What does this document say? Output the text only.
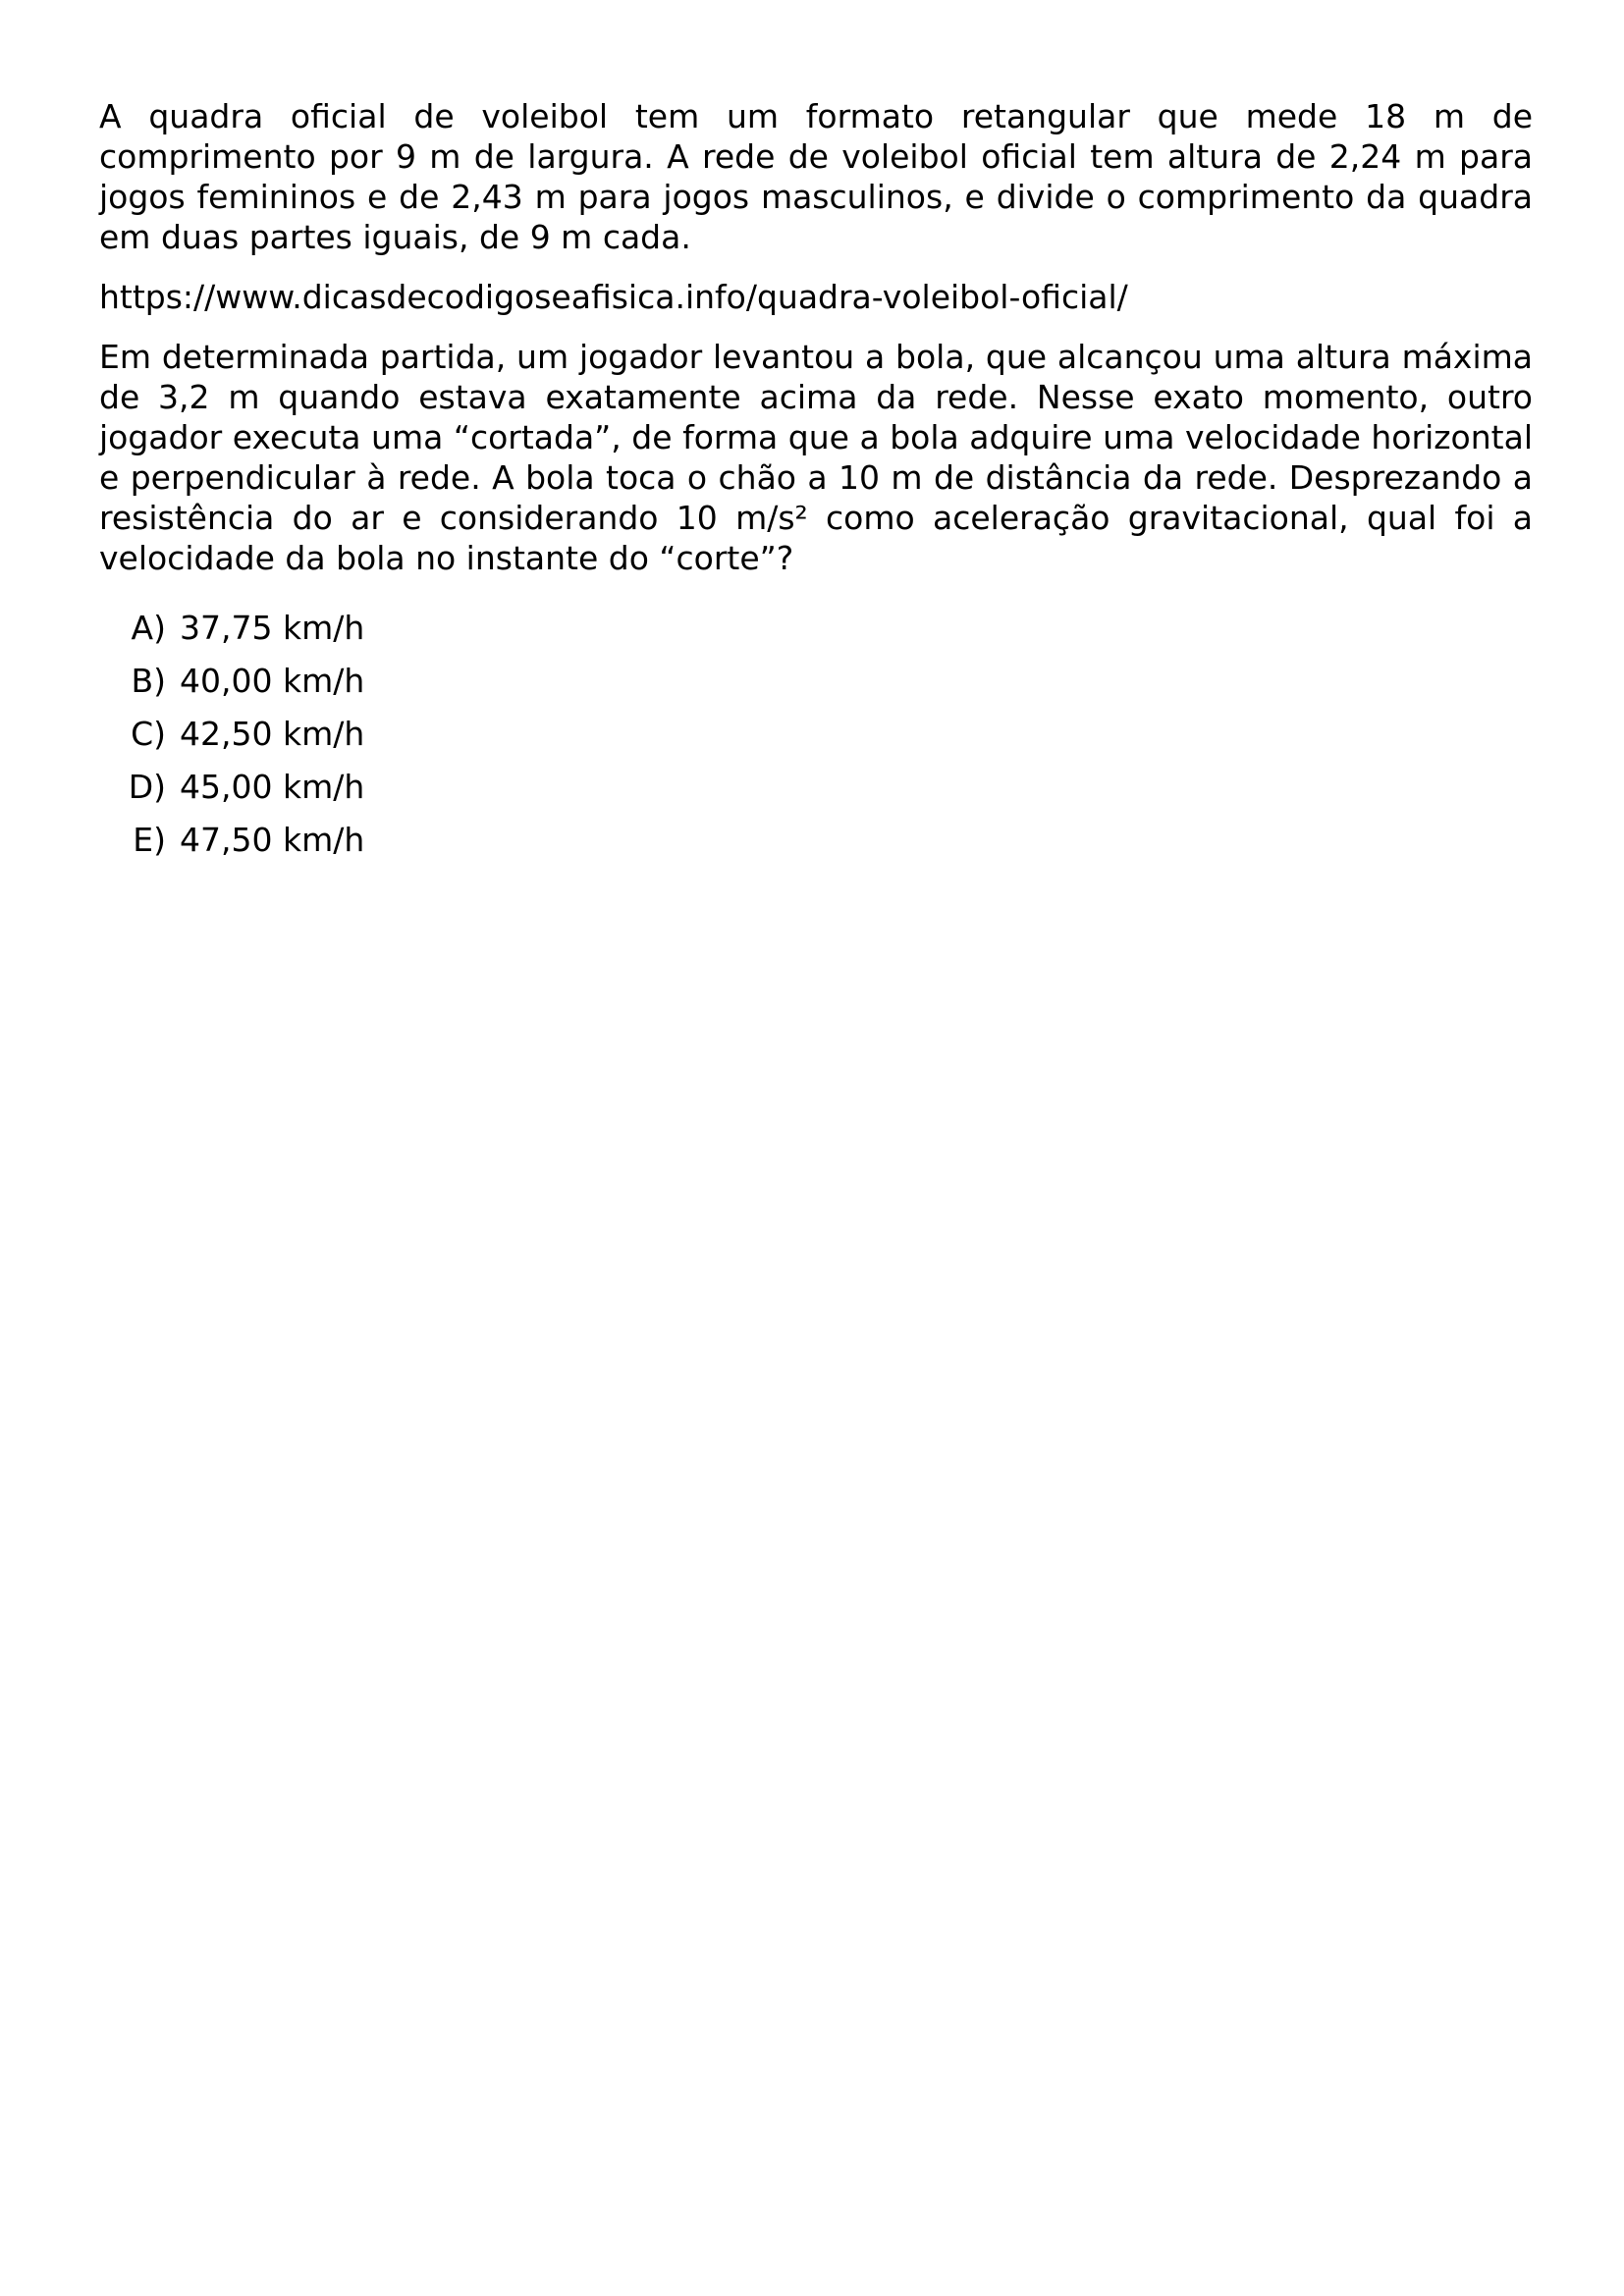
A quadra oficial de voleibol tem um formato retangular que mede 18 m de comprimento por 9 m de largura. A rede de voleibol oficial tem altura de 2,24 m para jogos femininos e de 2,43 m para jogos masculinos, e divide o comprimento da quadra em duas partes iguais, de 9 m cada.

https://www.dicasdecodigoseafisica.info/quadra-voleibol-oficial/

Em determinada partida, um jogador levantou a bola, que alcançou uma altura máxima de 3,2 m quando estava exatamente acima da rede. Nesse exato momento, outro jogador executa uma “cortada”, de forma que a bola adquire uma velocidade horizontal e perpendicular à rede. A bola toca o chão a 10 m de distância da rede. Desprezando a resistência do ar e considerando 10 m/s² como aceleração gravitacional, qual foi a velocidade da bola no instante do “corte”?

A) 37,75 km/h
B) 40,00 km/h
C) 42,50 km/h
D) 45,00 km/h
E) 47,50 km/h
